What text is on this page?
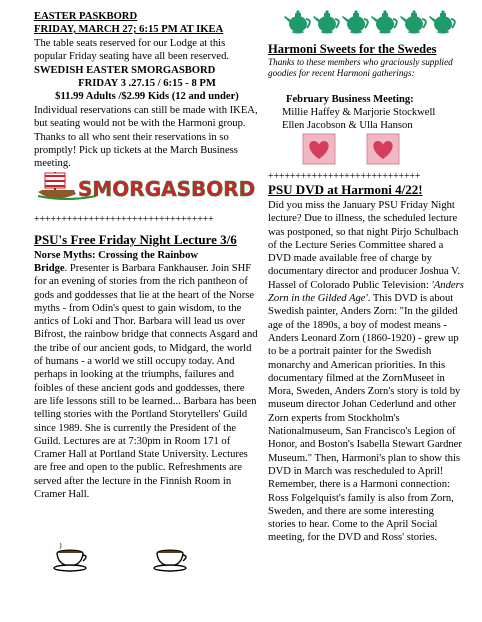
EASTER PASKBORD
FRIDAY, MARCH 27; 6:15 PM AT IKEA
The table seats reserved for our Lodge at this popular Friday seating have all been reserved.
SWEDISH EASTER SMORGASBORD
FRIDAY 3 .27.15 / 6:15 - 8 PM
$11.99 Adults /$2.99 Kids (12 and under)
Individual reservations can still be made with IKEA, but seating would not be with the Harmoni group. Thanks to all who sent their reservations in so promptly! Pick up tickets at the March Business meeting.
SMORGASBORD
+++++++++++++++++++++++++++++++++
PSU's Free Friday Night Lecture 3/6
Norse Myths: Crossing the Rainbow
Bridge. Presenter is Barbara Fankhauser. Join SHF for an evening of stories from the rich pantheon of gods and goddesses that lie at the heart of the Norse myths - from Odin's quest to gain wisdom, to the antics of Loki and Thor. Barbara will lead us over Bifrost, the rainbow bridge that connects Asgard and the tribe of our ancient gods, to Midgard, the world of humans - a world we still occupy today. And perhaps in looking at the triumphs, failures and foibles of these ancient gods and goddesses, there are life lessons still to be learned... Barbara has been telling stories with the Portland Storytellers' Guild since 1989. She is currently the President of the Guild. Lectures are at 7:30pm in Room 171 of Cramer Hall at Portland State University. Lectures are free and open to the public. Refreshments are served after the lecture in the Finnish Room in Cramer Hall.
Harmoni Sweets for the Swedes
Thanks to these members who graciously supplied goodies for recent Harmoni gatherings:
February Business Meeting:
Millie Haffey & Marjorie Stockwell
Ellen Jacobson & Ulla Hanson
++++++++++++++++++++++++++++
PSU DVD at Harmoni 4/22!
Did you miss the January PSU Friday Night lecture? Due to illness, the scheduled lecture was postponed, so that night Pirjo Schulbach of the Lecture Series Committee shared a DVD made available free of charge by documentary director and producer Joshua V. Hassel of Colorado Public Television: 'Anders Zorn in the Gilded Age'. This DVD is about Swedish painter, Anders Zorn: "In the gilded age of the 1890s, a boy of modest means - Anders Leonard Zorn (1860-1920) - grew up to be a portrait painter for the Swedish monarchy and American priorities. In this documentary filmed at the ZornMuseet in Mora, Sweden, Anders Zorn's story is told by museum director Johan Cederlund and other Zorn experts from Stockholm's Nationalmuseum, San Francisco's Legion of Honor, and Boston's Isabella Stewart Gardner Museum." Then, Harmoni's plan to show this DVD in March was rescheduled to April! Remember, there is a Harmoni connection: Ross Folgelquist's family is also from Zorn, Sweden, and there are some interesting stories to hear. Come to the April Social meeting, for the DVD and Ross' stories.
